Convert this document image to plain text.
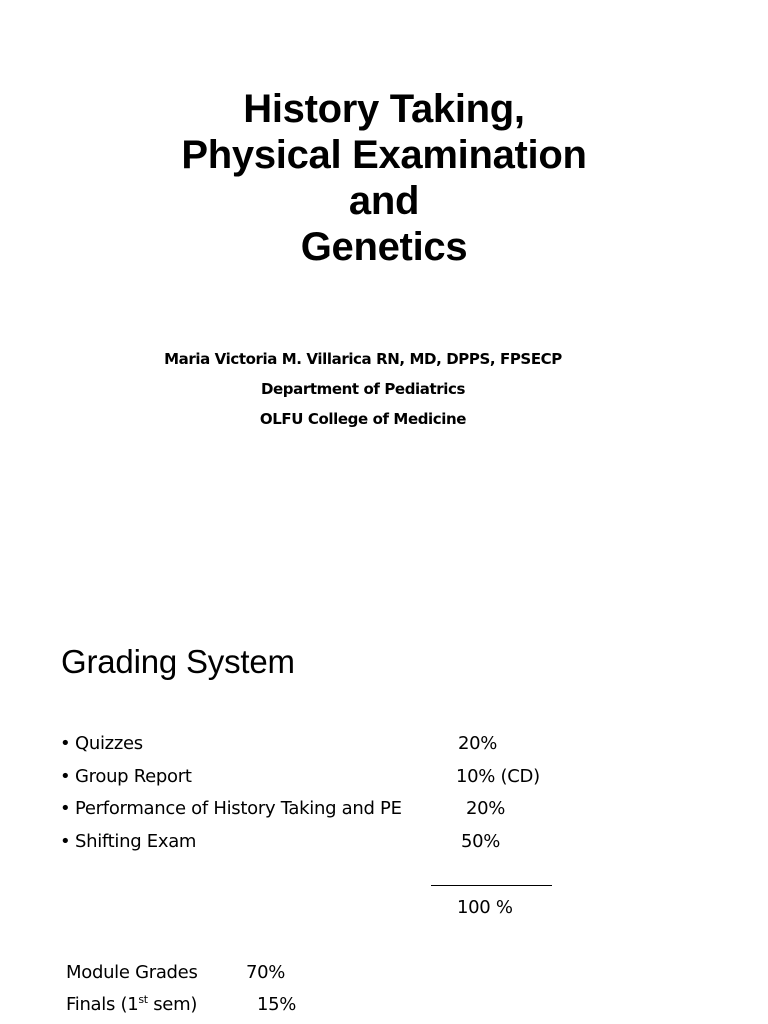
History Taking,
Physical Examination
and
Genetics
Maria Victoria M. Villarica RN, MD, DPPS, FPSECP
Department of Pediatrics
OLFU College of Medicine
Grading System
• Quizzes	20%
• Group Report	10% (CD)
• Performance of History Taking and PE	20%
• Shifting Exam	50%
100 %
Module Grades	70%
Finals (1st sem)	15%
